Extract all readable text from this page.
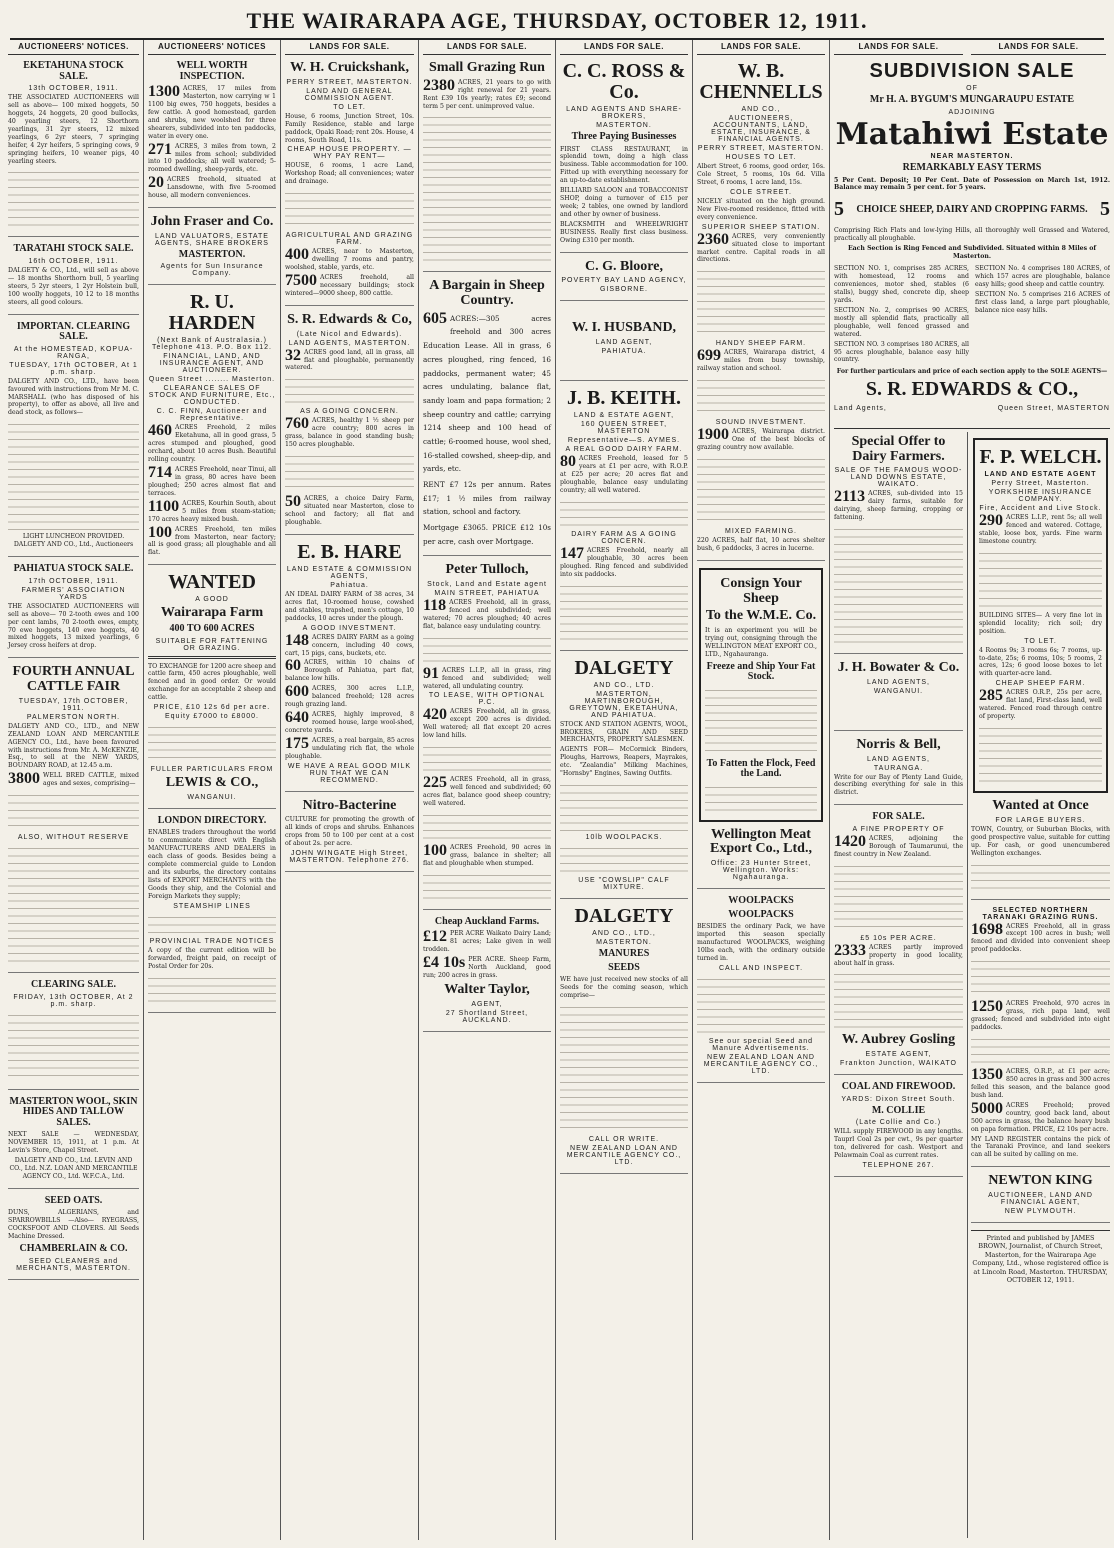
THE WAIRARAPA AGE, THURSDAY, OCTOBER 12, 1911.
AUCTIONEERS' NOTICES.
EKETAHUNA STOCK SALE.
13th OCTOBER, 1911.
THE ASSOCIATED AUCTIONEERS will sell as above— 100 mixed hoggets, 50 hoggets, 24 hoggets, 20 good bullocks, 40 yearling steers, 12 Shorthorn yearlings, 31 2yr steers, 12 mixed yearlings, 6 2yr steers, 7 springing heifer, 4 2yr heifers, 5 springing cows, 9 springing heifers, 10 weaner pigs, 40 yearling steers.
TARATAHI STOCK SALE.
16th OCTOBER, 1911.
DALGETY & CO., Ltd., will sell as above— 18 months Shorthorn bull, 5 yearling steers, 5 2yr steers, 1 2yr Holstein bull, 100 woolly hoggets, 10 12 to 18 months steers, all good colours.
IMPORTAN. CLEARING SALE.
At the HOMESTEAD, KOPUA-RANGA,
TUESDAY, 17th OCTOBER, At 1 p.m. sharp.
DALGETY AND CO., LTD., have been favoured with instructions from Mr M. C. MARSHALL (who has disposed of his property), to offer as above, all live and dead stock, as follows—
LIGHT LUNCHEON PROVIDED. DALGETY AND CO., Ltd., Auctioneers
PAHIATUA STOCK SALE.
17th OCTOBER, 1911.
FARMERS' ASSOCIATION YARDS
THE ASSOCIATED AUCTIONEERS will sell as above— 70 2-tooth ewes and 100 per cent lambs, 70 2-tooth ewes, empty, 70 ewe hoggets, 140 ewe hoggets, 40 mixed hoggets, 13 mixed yearlings, 6 Jersey cross heifers at drop.
FOURTH ANNUAL CATTLE FAIR
TUESDAY, 17th OCTOBER, 1911.
PALMERSTON NORTH.
DALGETY AND CO., LTD., and NEW ZEALAND LOAN AND MERCANTILE AGENCY CO., Ltd., have been favoured with instructions from Mr. A. McKENZIE, Esq., to sell at the NEW YARDS, BOUNDARY ROAD, at 12.45 a.m.
3800 WELL BRED CATTLE, mixed ages and sexes, comprising—
ALSO, WITHOUT RESERVE
CLEARING SALE.
FRIDAY, 13th OCTOBER, At 2 p.m. sharp.
MASTERTON WOOL, SKIN HIDES AND TALLOW SALES.
NEXT SALE — WEDNESDAY, NOVEMBER 15, 1911, at 1 p.m. At Levin's Store, Chapel Street.
DALGETY AND CO., Ltd. LEVIN AND CO., Ltd. N.Z. LOAN AND MERCANTILE AGENCY CO., Ltd. W.F.C.A., Ltd.
SEED OATS.
DUNS, ALGERIANS, and SPARROWBILLS —Also— RYEGRASS, COCKSFOOT AND CLOVERS. All Seeds Machine Dressed.
CHAMBERLAIN & CO.
SEED CLEANERS and MERCHANTS, MASTERTON.
AUCTIONEERS' NOTICES
WELL WORTH INSPECTION.
1300 ACRES, 17 miles from Masterton, now carrying w 1 1100 big ewes, 750 hoggets, besides a few cattle. A good homestead, garden and shrubs, new woolshed for three shearers, subdivided into ten paddocks, water in every one.
271 ACRES, 3 miles from town, 2 miles from school; subdivided into 10 paddocks; all well watered; 5-roomed dwelling, sheep-yards, etc.
20 ACRES freehold, situated at Lansdowne, with five 5-roomed house, all modern conveniences.
John Fraser and Co.
LAND VALUATORS, ESTATE AGENTS, SHARE BROKERS
MASTERTON.
Agents for Sun Insurance Company.
R. U. HARDEN
(Next Bank of Australasia.) Telephone 413. P.O. Box 112.
FINANCIAL, LAND, AND INSURANCE AGENT, AND AUCTIONEER.
Queen Street ........ Masterton.
CLEARANCE SALES OF STOCK AND FURNITURE, Etc., CONDUCTED.
C. C. FINN, Auctioneer and Representative.
460 ACRES Freehold, 2 miles Eketahuna, all in good grass, 5 acres stumped and ploughed, good orchard, about 10 acres Bush. Beautiful rolling country.
714 ACRES Freehold, near Tinui, all in grass, 80 acres have been ploughed; 250 acres almost flat and terraces.
1100 ACRES, Kourhin South, about 5 miles from steam-station; 170 acres heavy mixed bush.
100 ACRES Freehold, ten miles from Masterton, near factory; all is good grass; all ploughable and all flat.
WANTED
A GOOD
Wairarapa Farm
400 TO 600 ACRES
SUITABLE FOR FATTENING OR GRAZING.
TO EXCHANGE for 1200 acre sheep and cattle farm, 450 acres ploughable, well fenced and in good order. Or would exchange for an acceptable 2 sheep and cattle.
PRICE, £10 12s 6d per acre.
Equity £7000 to £8000.
FULLER PARTICULARS FROM
LEWIS & CO.,
WANGANUI.
LONDON DIRECTORY.
ENABLES traders throughout the world to communicate direct with English MANUFACTURERS AND DEALERS in each class of goods. Besides being a complete commercial guide to London and its suburbs, the directory contains lists of EXPORT MERCHANTS with the Goods they ship, and the Colonial and Foreign Markets they supply;
STEAMSHIP LINES
PROVINCIAL TRADE NOTICES
A copy of the current edition will be forwarded, freight paid, on receipt of Postal Order for 20s.
LANDS FOR SALE.
W. H. Cruickshank,
PERRY STREET, MASTERTON.
LAND AND GENERAL COMMISSION AGENT.
TO LET.
House, 6 rooms, Junction Street, 10s. Family Residence, stable and large paddock, Opaki Road; rent 20s. House, 4 rooms, South Road, 11s.
CHEAP HOUSE PROPERTY. —WHY PAY RENT—
HOUSE, 6 rooms, 1 acre Land, Workshop Road; all conveniences; water and drainage.
AGRICULTURAL AND GRAZING FARM.
400 ACRES, near to Masterton, dwelling 7 rooms and pantry, woolshed, stable, yards, etc.
7500 ACRES freehold, all necessary buildings; stock wintered—9000 sheep, 800 cattle.
S. R. Edwards & Co,
(Late Nicol and Edwards).
LAND AGENTS, MASTERTON.
32 ACRES good land, all in grass, all flat and ploughable, permanently watered.
AS A GOING CONCERN.
760 ACRES, healthy 1 ½ sheep per acre country; 800 acres in grass, balance in good standing bush; 150 acres ploughable.
50 ACRES, a choice Dairy Farm, situated near Masterton, close to school and factory; all flat and ploughable.
E. B. HARE
LAND ESTATE & COMMISSION AGENTS,
Pahiatua.
AN IDEAL DAIRY FARM of 38 acres, 34 acres flat, 10-roomed house, cowshed and stables, trapshed, men's cottage, 10 paddocks, 10 acres under the plough.
A GOOD INVESTMENT.
148 ACRES DAIRY FARM as a going concern, including 40 cows, cart, 15 pigs, cans, buckets, etc.
60 ACRES, within 10 chains of Borough of Pahiatua, part flat, balance low hills.
600 ACRES, 300 acres L.I.P., balanced freehold; 128 acres rough grazing land.
640 ACRES, highly improved, 8 roomed house, large wool-shed, concrete yards.
175 ACRES, a real bargain, 85 acres undulating rich flat, the whole ploughable.
WE HAVE A REAL GOOD MILK RUN THAT WE CAN RECOMMEND.
Nitro-Bacterine
CULTURE for promoting the growth of all kinds of crops and shrubs. Enhances crops from 50 to 100 per cent at a cost of about 2s. per acre.
JOHN WINGATE High Street, MASTERTON. Telephone 276.
LANDS FOR SALE.
Small Grazing Run
2380 ACRES, 21 years to go with right renewal for 21 years. Rent £39 10s yearly; rates £9; second term 5 per cent. unimproved value.
A Bargain in Sheep Country.
605 ACRES:—305 acres freehold and 300 acres Education Lease. All in grass, 6 acres ploughed, ring fenced, 16 paddocks, permanent water; 45 acres undulating, balance flat, sandy loam and papa formation; 2 sheep country and cattle; carrying 1214 sheep and 100 head of cattle; 6-roomed house, wool shed, 16-stalled cowshed, sheep-dip, and yards, etc.
RENT £7 12s per annum. Rates £17; 1 ½ miles from railway station, school and factory.
Mortgage £3065. PRICE £12 10s per acre, cash over Mortgage.
Peter Tulloch,
Stock, Land and Estate agent
MAIN STREET, PAHIATUA
118 ACRES Freehold, all in grass, fenced and subdivided; well watered; 70 acres ploughed; 40 acres flat, balance easy undulating country.
91 ACRES L.I.P., all in grass, ring fenced and subdivided; well watered, all undulating country.
TO LEASE, WITH OPTIONAL P.C.
420 ACRES Freehold, all in grass, except 200 acres is divided. Well watered; all flat except 20 acres low land hills.
225 ACRES Freehold, all in grass, well fenced and subdivided; 60 acres flat, balance good sheep country; well watered.
100 ACRES Freehold, 90 acres in grass, balance in shelter; all flat and ploughable when stumped.
Cheap Auckland Farms.
£12 PER ACRE Waikato Dairy Land; 81 acres; Lake given in well trodden.
£4 10s PER ACRE. Sheep Farm, North Auckland, good run; 200 acres in grass.
Walter Taylor,
AGENT,
27 Shortland Street, AUCKLAND.
LANDS FOR SALE.
C. C. ROSS & Co.
LAND AGENTS AND SHARE-BROKERS,
MASTERTON.
Three Paying Businesses
FIRST CLASS RESTAURANT, in splendid town, doing a high class business. Table accommodation for 100. Fitted up with everything necessary for an up-to-date establishment.
BILLIARD SALOON and TOBACCONIST SHOP, doing a turnover of £15 per week; 2 tables, one owned by landlord and other by owner of business.
BLACKSMITH and WHEELWRIGHT BUSINESS. Really first class business. Owing £310 per month.
C. G. Bloore,
POVERTY BAY LAND AGENCY,
GISBORNE.
W. I. HUSBAND,
LAND AGENT,
PAHIATUA.
J. B. KEITH.
LAND & ESTATE AGENT,
160 QUEEN STREET, MASTERTON
Representative—S. AYMES.
A REAL GOOD DAIRY FARM.
80 ACRES Freehold, leased for 5 years at £1 per acre, with R.O.P. at £25 per acre; 20 acres flat and ploughable, balance easy undulating country; all well watered.
DAIRY FARM AS A GOING CONCERN.
147 ACRES Freehold, nearly all ploughable, 30 acres been ploughed. Ring fenced and subdivided into six paddocks.
DALGETY
AND CO., LTD.
MASTERTON, MARTINBOROUGH, GREYTOWN, EKETAHUNA, AND PAHIATUA.
STOCK AND STATION AGENTS, WOOL, BROKERS, GRAIN AND SEED MERCHANTS, PROPERTY SALESMEN.
AGENTS FOR— McCormick Binders, Ploughs, Harrows, Reapers, Mayrakes, etc. "Zealandia" Milking Machines, "Hornsby" Engines, Sawing Outfits.
10lb WOOLPACKS.
USE "COWSLIP" CALF MIXTURE.
DALGETY
AND CO., LTD.,
MASTERTON.
MANURES
SEEDS
WE have just received new stocks of all Seeds for the coming season, which comprise—
CALL OR WRITE.
NEW ZEALAND LOAN AND MERCANTILE AGENCY CO., LTD.
LANDS FOR SALE.
W. B. CHENNELLS
AND CO.,
AUCTIONEERS, ACCOUNTANTS, LAND, ESTATE, INSURANCE, & FINANCIAL AGENTS.
PERRY STREET, MASTERTON.
HOUSES TO LET.
Albert Street, 6 rooms, good order, 16s. Cole Street, 5 rooms, 10s 6d. Villa Street, 6 rooms, 1 acre land, 15s.
COLE STREET.
NICELY situated on the high ground. New Five-roomed residence, fitted with every convenience.
SUPERIOR SHEEP STATION.
2360 ACRES, very conveniently situated close to important market centre. Capital roads in all directions.
HANDY SHEEP FARM.
699 ACRES, Wairarapa district, 4 miles from busy township, railway station and school.
SOUND INVESTMENT.
1900 ACRES, Wairarapa district. One of the best blocks of grazing country now available.
MIXED FARMING.
220 ACRES, half flat, 10 acres shelter bush, 6 paddocks, 3 acres in lucerne.
Consign Your Sheep
To the W.M.E. Co.
It is an experiment you will be trying out, consigning through the WELLINGTON MEAT EXPORT CO., LTD., Ngahauranga.
Freeze and Ship Your Fat Stock.
To Fatten the Flock, Feed the Land.
Wellington Meat Export Co., Ltd.,
Office: 23 Hunter Street, Wellington. Works: Ngahauranga.
WOOLPACKS
WOOLPACKS
BESIDES the ordinary Pack, we have imported this season specially manufactured WOOLPACKS, weighing 10lbs each, with the ordinary outside turned in.
CALL AND INSPECT.
See our special Seed and Manure Advertisements.
NEW ZEALAND LOAN AND MERCANTILE AGENCY CO., LTD.
LANDS FOR SALE.	LANDS FOR SALE.
SUBDIVISION SALE
OF
Mr H. A. BYGUM'S MUNGARAUPU ESTATE
ADJOINING
Matahiwi Estate
NEAR MASTERTON.
REMARKABLY EASY TERMS
5 Per Cent. Deposit; 10 Per Cent. Date of Possession on March 1st, 1912. Balance may remain 5 per cent. for 5 years.
5	CHOICE SHEEP, DAIRY AND CROPPING FARMS. 5
Comprising Rich Flats and low-lying Hills, all thoroughly well Grassed and Watered, practically all ploughable.
Each Section is Ring Fenced and Subdivided. Situated within 8 Miles of Masterton.
SECTION NO. 1, comprises 285 ACRES, with homestead, 12 rooms and conveniences, motor shed, stables (6 stalls), buggy shed, concrete dip, sheep yards.
SECTION No. 2, comprises 90 ACRES, mostly all splendid flats, practically all ploughable, well fenced grassed and watered.
SECTION NO. 3 comprises 180 ACRES, all 95 acres ploughable, balance easy hilly country.
SECTION No. 4 comprises 180 ACRES, of which 157 acres are ploughable, balance easy hills; good sheep and cattle country.
SECTION No. 5 comprises 216 ACRES of first class land, a large part ploughable, balance nice easy hills.
For further particulars and price of each section apply to the SOLE AGENTS—
S. R. EDWARDS & CO.,
Land Agents,	Queen Street, MASTERTON
Special Offer to Dairy Farmers.
SALE OF THE FAMOUS WOOD-LAND DOWNS ESTATE, WAIKATO.
2113 ACRES, sub-divided into 15 dairy farms, suitable for dairying, sheep farming, cropping or fattening.
J. H. Bowater & Co.
LAND AGENTS,
WANGANUI.
Norris & Bell,
LAND AGENTS,
TAURANGA.
Write for our Bay of Plenty Land Guide, describing everything for sale in this district.
FOR SALE.
A FINE PROPERTY OF
1420 ACRES, adjoining the Borough of Taumarunui, the finest country in New Zealand.
£5 10s PER ACRE.
2333 ACRES partly improved property in good locality, about half in grass.
W. Aubrey Gosling
ESTATE AGENT,
Frankton Junction, WAIKATO
COAL AND FIREWOOD.
YARDS: Dixon Street South.
M. COLLIE
(Late Collie and Co.)
WILL supply FIREWOOD in any lengths. Tauprl Coal 2s per cwt., 9s per quarter ton, delivered for cash. Westport and Pelawmain Coal as current rates.
TELEPHONE 267.
F. P. WELCH.
LAND AND ESTATE AGENT
Perry Street, Masterton.
YORKSHIRE INSURANCE COMPANY.
Fire, Accident and Live Stock.
290 ACRES L.I.P., rent 5s; all well fenced and watered. Cottage, stable, loose box, yards. Fine warm limestone country.
BUILDING SITES— A very fine lot in splendid locality; rich soil; dry position.
TO LET.
4 Rooms 9s; 3 rooms 6s; 7 rooms, up-to-date, 25s; 6 rooms, 10s; 5 rooms, 2 acres, 12s; 6 good loose boxes to let with quarter-acre land.
CHEAP SHEEP FARM.
285 ACRES O.R.P., 25s per acre, flat land, First-class land, well watered. Fenced road through centre of property.
Wanted at Once
FOR LARGE BUYERS.
TOWN, Country, or Suburban Blocks, with good prospective value, suitable for cutting up. For cash, or good unencumbered Wellington exchanges.
SELECTED NORTHERN TARANAKI GRAZING RUNS.
1698 ACRES Freehold, all in grass except 100 acres in bush; well fenced and divided into convenient sheep proof paddocks.
1250 ACRES Freehold, 970 acres in grass, rich papa land, well grassed; fenced and subdivided into eight paddocks.
1350 ACRES, O.R.P., at £1 per acre; 850 acres in grass and 300 acres felled this season, and the balance good bush land.
5000 ACRES Freehold; proved country, good back land, about 500 acres in grass, the balance heavy bush on papa formation. PRICE, £2 10s per acre.
MY LAND REGISTER contains the pick of the Taranaki Province, and land seekers can all be suited by calling on me.
NEWTON KING
AUCTIONEER, LAND AND FINANCIAL AGENT,
NEW PLYMOUTH.
Printed and published by JAMES BROWN, Journalist, of Church Street, Masterton, for the Wairarapa Age Company, Ltd., whose registered office is at Lincoln Road, Masterton. THURSDAY, OCTOBER 12, 1911.
